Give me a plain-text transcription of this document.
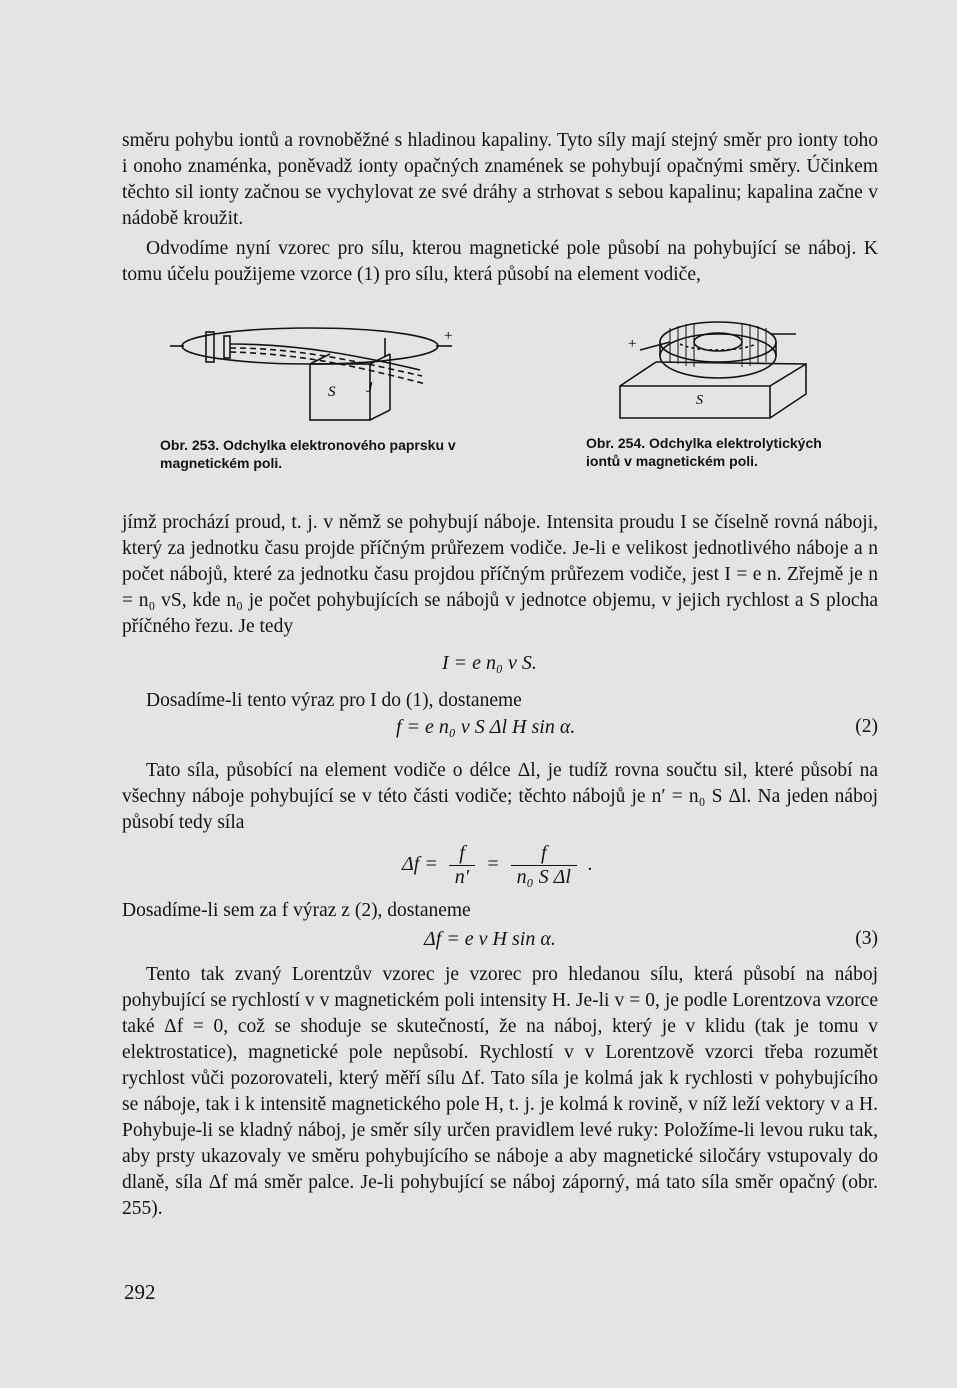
směru pohybu iontů a rovnoběžné s hladinou kapaliny. Tyto síly mají stejný směr pro ionty toho i onoho znaménka, poněvadž ionty opačných znamének se pohybují opačnými směry. Účinkem těchto sil ionty začnou se vychylovat ze své dráhy a strhovat s sebou kapalinu; kapalina začne v nádobě kroužit.
Odvodíme nyní vzorec pro sílu, kterou magnetické pole působí na pohybující se náboj. K tomu účelu použijeme vzorce (1) pro sílu, která působí na element vodiče,
S J
+	+
S
Obr. 253. Odchylka elektronového paprsku v magnetickém poli.
Obr. 254. Odchylka elektrolytických iontů v magnetickém poli.
jímž prochází proud, t. j. v němž se pohybují náboje. Intensita proudu I se číselně rovná náboji, který za jednotku času projde příčným průřezem vodiče. Je-li e velikost jednotlivého náboje a n počet nábojů, které za jednotku času projdou příčným průřezem vodiče, jest I = e n. Zřejmě je n = n₀ vS, kde n₀ je počet pohybujících se nábojů v jednotce objemu, v jejich rychlost a S plocha příčného řezu. Je tedy
I = e n₀ v S.
Dosadíme-li tento výraz pro I do (1), dostaneme
f = e n₀ v S Δl H sin α.	(2)
Tato síla, působící na element vodiče o délce Δl, je tudíž rovna součtu sil, které působí na všechny náboje pohybující se v této části vodiče; těchto nábojů je n′ = n₀ S Δl. Na jeden náboj působí tedy síla
$\Delta f = \frac{f}{n'} = \frac{f}{\text{n₀ S Δl}}$ .
Dosadíme-li sem za f výraz z (2), dostaneme
Δf = e v H sin α.	(3)
Tento tak zvaný Lorentzův vzorec je vzorec pro hledanou sílu, která působí na náboj pohybující se rychlostí v v magnetickém poli intensity H. Je-li v = 0, je podle Lorentzova vzorce také Δf = 0, což se shoduje se skutečností, že na náboj, který je v klidu (tak je tomu v elektrostatice), magnetické pole nepůsobí. Rychlostí v v Lorentzově vzorci třeba rozumět rychlost vůči pozorovateli, který měří sílu Δf. Tato síla je kolmá jak k rychlosti v pohybujícího se náboje, tak i k intensitě magnetického pole H, t. j. je kolmá k rovině, v níž leží vektory v a H. Pohybuje-li se kladný náboj, je směr síly určen pravidlem levé ruky: Položíme-li levou ruku tak, aby prsty ukazovaly ve směru pohybujícího se náboje a aby magnetické siločáry vstupovaly do dlaně, síla Δf má směr palce. Je-li pohybující se náboj záporný, má tato síla směr opačný (obr. 255).
292
